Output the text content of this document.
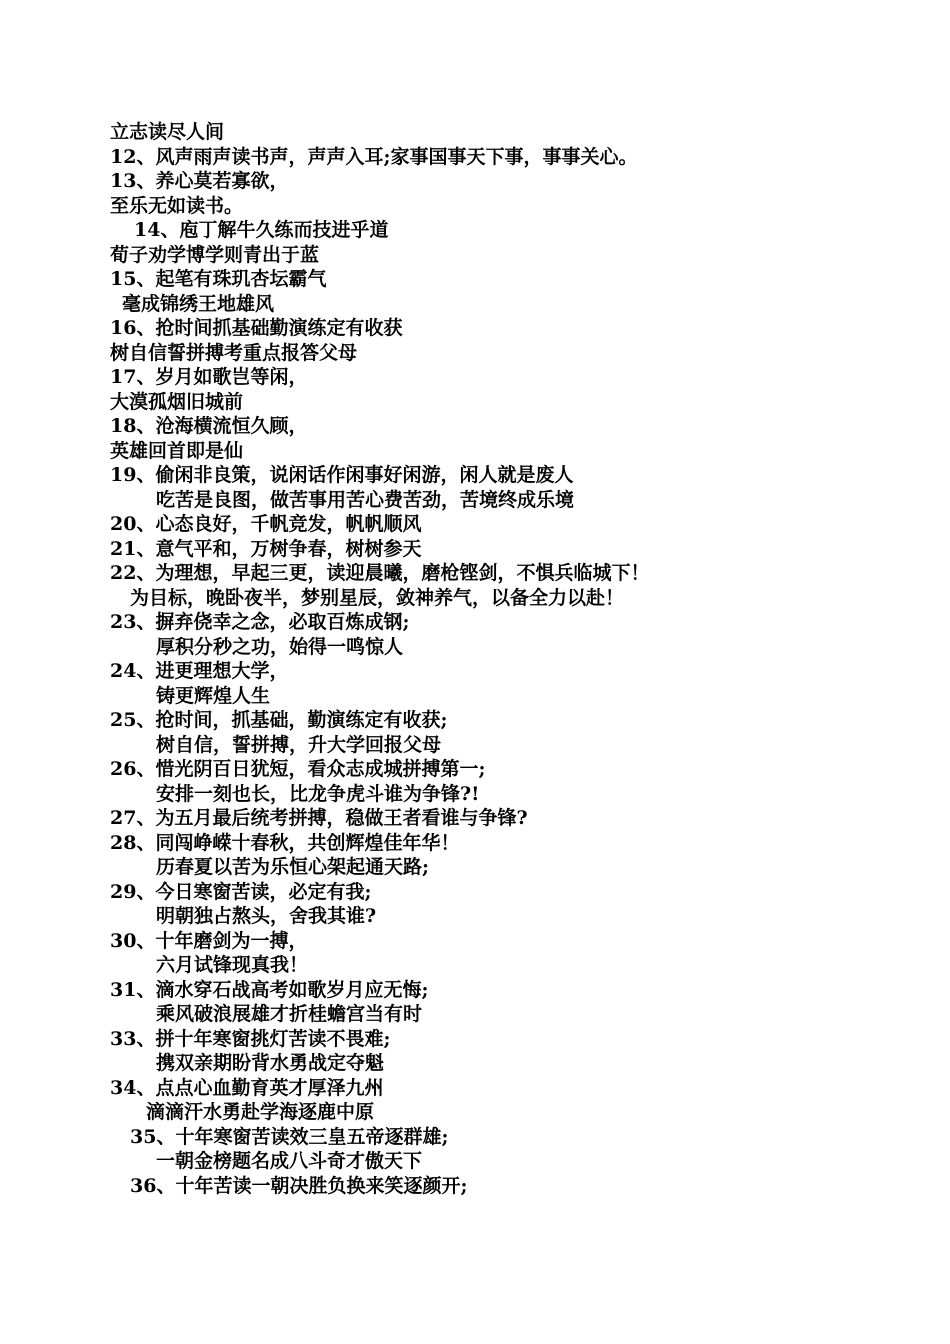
立志读尽人间
12、风声雨声读书声，声声入耳;家事国事天下事，事事关心。
13、养心莫若寡欲，
至乐无如读书。
14、庖丁解牛久练而技进乎道
荀子劝学博学则青出于蓝
15、起笔有珠玑杏坛霸气
毫成锦绣王地雄风
16、抢时间抓基础勤演练定有收获
树自信誓拼搏考重点报答父母
17、岁月如歌岂等闲，
大漠孤烟旧城前
18、沧海横流恒久顾，
英雄回首即是仙
19、偷闲非良策，说闲话作闲事好闲游，闲人就是废人
吃苦是良图，做苦事用苦心费苦劲，苦境终成乐境
20、心态良好，千帆竞发，帆帆顺风
21、意气平和，万树争春，树树参天
22、为理想，早起三更，读迎晨曦，磨枪铿剑，不惧兵临城下！
为目标，晚卧夜半，梦别星辰，敛神养气，以备全力以赴！
23、摒弃侥幸之念，必取百炼成钢;
厚积分秒之功，始得一鸣惊人
24、进更理想大学，
铸更辉煌人生
25、抢时间，抓基础，勤演练定有收获;
树自信，誓拼搏，升大学回报父母
26、惜光阴百日犹短，看众志成城拼搏第一;
安排一刻也长，比龙争虎斗谁为争锋?!
27、为五月最后统考拼搏，稳做王者看谁与争锋?
28、同闯峥嵘十春秋，共创辉煌佳年华！
历春夏以苦为乐恒心架起通天路;
29、今日寒窗苦读，必定有我;
明朝独占熬头，舍我其谁?
30、十年磨剑为一搏，
六月试锋现真我！
31、滴水穿石战高考如歌岁月应无悔;
乘风破浪展雄才折桂蟾宫当有时
33、拼十年寒窗挑灯苦读不畏难;
携双亲期盼背水勇战定夺魁
34、点点心血勤育英才厚泽九州
滴滴汗水勇赴学海逐鹿中原
35、十年寒窗苦读效三皇五帝逐群雄;
一朝金榜题名成八斗奇才傲天下
36、十年苦读一朝决胜负换来笑逐颜开;
